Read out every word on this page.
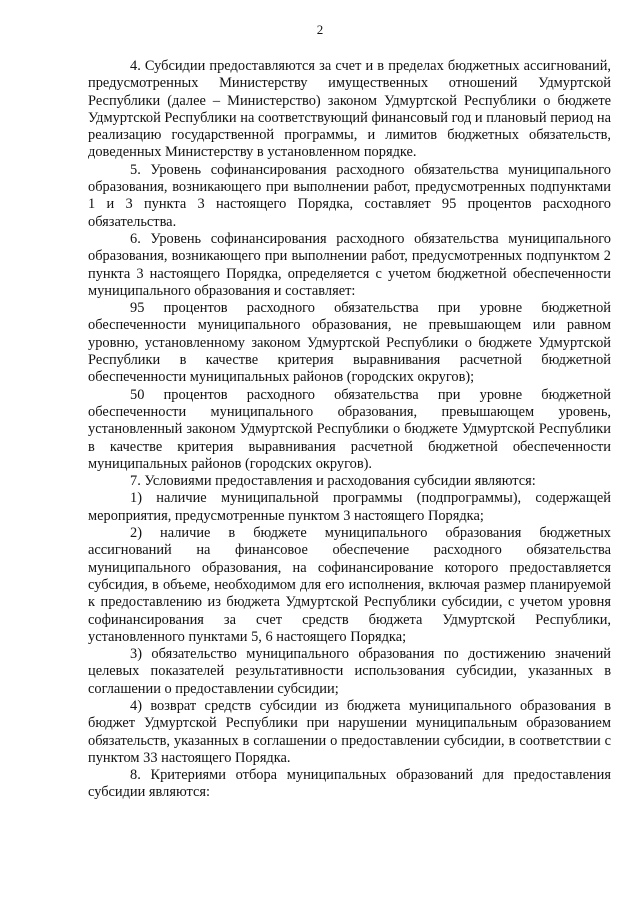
2

4. Субсидии предоставляются за счет и в пределах бюджетных ассигнований, предусмотренных Министерству имущественных отношений Удмуртской Республики (далее – Министерство) законом Удмуртской Республики о бюджете Удмуртской Республики на соответствующий финансовый год и плановый период на реализацию государственной программы, и лимитов бюджетных обязательств, доведенных Министерству в установленном порядке.

5. Уровень софинансирования расходного обязательства муниципального образования, возникающего при выполнении работ, предусмотренных подпунктами 1 и 3 пункта 3 настоящего Порядка, составляет 95 процентов расходного обязательства.

6. Уровень софинансирования расходного обязательства муниципального образования, возникающего при выполнении работ, предусмотренных подпунктом 2 пункта 3 настоящего Порядка, определяется с учетом бюджетной обеспеченности муниципального образования и составляет:

95 процентов расходного обязательства при уровне бюджетной обеспеченности муниципального образования, не превышающем или равном уровню, установленному законом Удмуртской Республики о бюджете Удмуртской Республики в качестве критерия выравнивания расчетной бюджетной обеспеченности муниципальных районов (городских округов);

50 процентов расходного обязательства при уровне бюджетной обеспеченности муниципального образования, превышающем уровень, установленный законом Удмуртской Республики о бюджете Удмуртской Республики в качестве критерия выравнивания расчетной бюджетной обеспеченности муниципальных районов (городских округов).

7. Условиями предоставления и расходования субсидии являются:

1) наличие муниципальной программы (подпрограммы), содержащей мероприятия, предусмотренные пунктом 3 настоящего Порядка;

2) наличие в бюджете муниципального образования бюджетных ассигнований на финансовое обеспечение расходного обязательства муниципального образования, на софинансирование которого предоставляется субсидия, в объеме, необходимом для его исполнения, включая размер планируемой к предоставлению из бюджета Удмуртской Республики субсидии, с учетом уровня софинансирования за счет средств бюджета Удмуртской Республики, установленного пунктами 5, 6 настоящего Порядка;

3) обязательство муниципального образования по достижению значений целевых показателей результативности использования субсидии, указанных в соглашении о предоставлении субсидии;

4) возврат средств субсидии из бюджета муниципального образования в бюджет Удмуртской Республики при нарушении муниципальным образованием обязательств, указанных в соглашении о предоставлении субсидии, в соответствии с пунктом 33 настоящего Порядка.

8. Критериями отбора муниципальных образований для предоставления субсидии являются:
